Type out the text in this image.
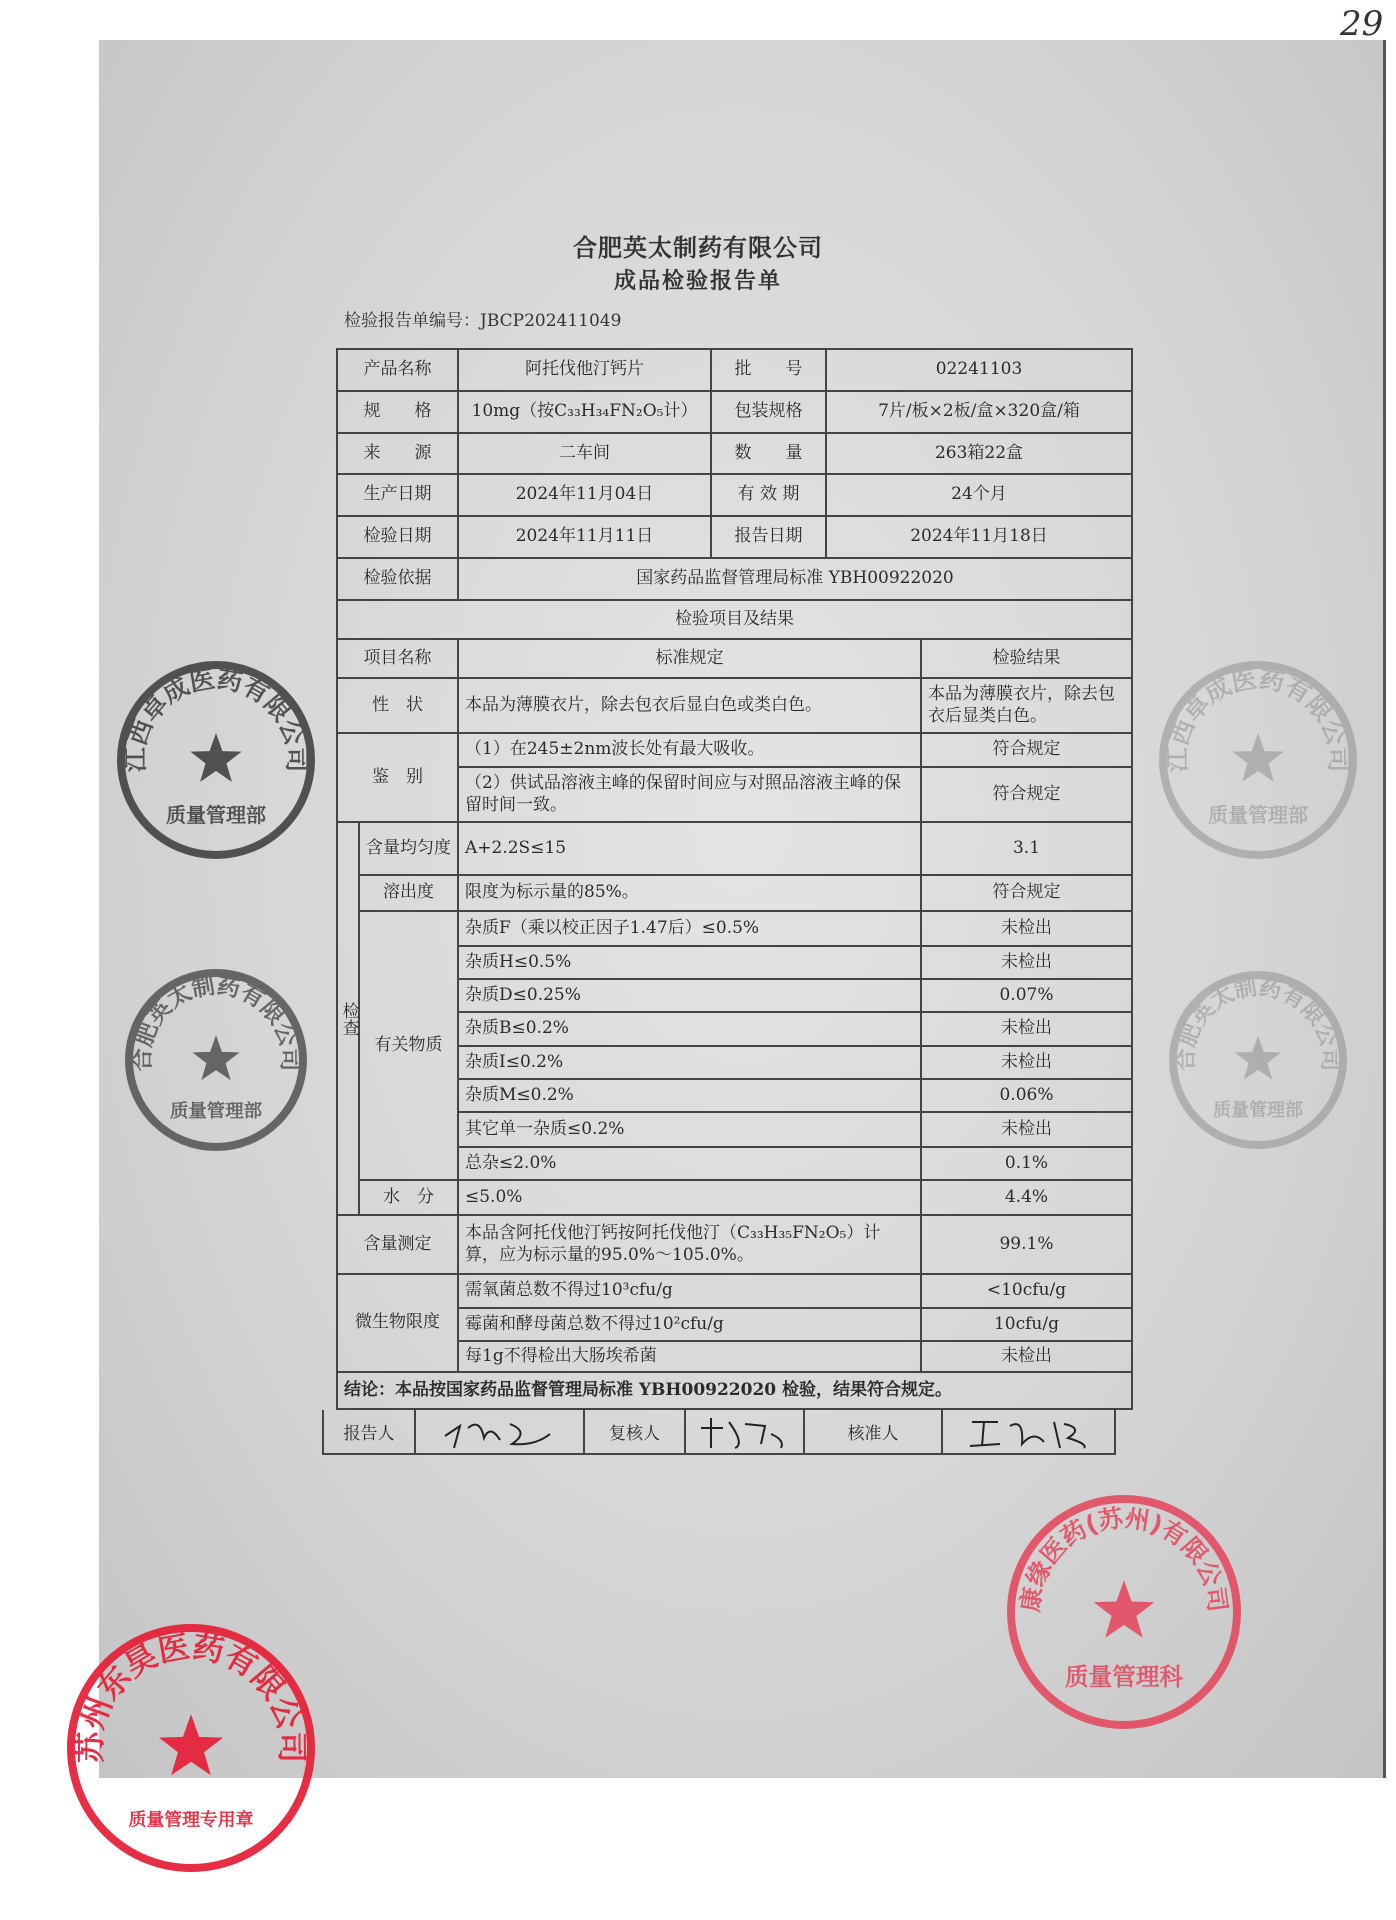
29
合肥英太制药有限公司
成品检验报告单
检验报告单编号：JBCP202411049
产品名称		阿托伐他汀钙片	批　　号	02241103	
规　　格		10mg（按C₃₃H₃₄FN₂O₅计）	包装规格	7片/板×2板/盒×320盒/箱	
来　　源		二车间	数　　量	263箱22盒	
生产日期		2024年11月04日	有 效 期	24个月	
检验日期		2024年11月11日	报告日期	2024年11月18日	
检验依据		国家药品监督管理局标准 YBH00922020			
检验项目及结果					
项目名称		标准规定			检验结果
性　状		本品为薄膜衣片，除去包衣后显白色或类白色。			本品为薄膜衣片，除去包衣后显类白色。
鉴　别		（1）在245±2nm波长处有最大吸收。			符合规定
		（2）供试品溶液主峰的保留时间应与对照品溶液主峰的保留时间一致。			符合规定
检查	含量均匀度	A+2.2S≤15			3.1
	溶出度	限度为标示量的85%。			符合规定
	有关物质	杂质F（乘以校正因子1.47后）≤0.5%			未检出
		杂质H≤0.5%			未检出
		杂质D≤0.25%			0.07%
		杂质B≤0.2%			未检出
		杂质I≤0.2%			未检出
		杂质M≤0.2%			0.06%
		其它单一杂质≤0.2%			未检出
		总杂≤2.0%			0.1%
	水　分	≤5.0%			4.4%
含量测定		本品含阿托伐他汀钙按阿托伐他汀（C₃₃H₃₅FN₂O₅）计算，应为标示量的95.0%～105.0%。			99.1%
微生物限度		需氧菌总数不得过10³cfu/g			<10cfu/g
		霉菌和酵母菌总数不得过10²cfu/g			10cfu/g
		每1g不得检出大肠埃希菌			未检出
结论：本品按国家药品监督管理局标准 YBH00922020 检验，结果符合规定。					
报告人	复核人	核准人
江西卓成医药有限公司
质量管理部
合肥英太制药有限公司
质量管理部
江西卓成医药有限公司
质量管理部
合肥英太制药有限公司
质量管理部
苏州东昊医药有限公司
质量管理专用章
康缘医药(苏州)有限公司
质量管理科
